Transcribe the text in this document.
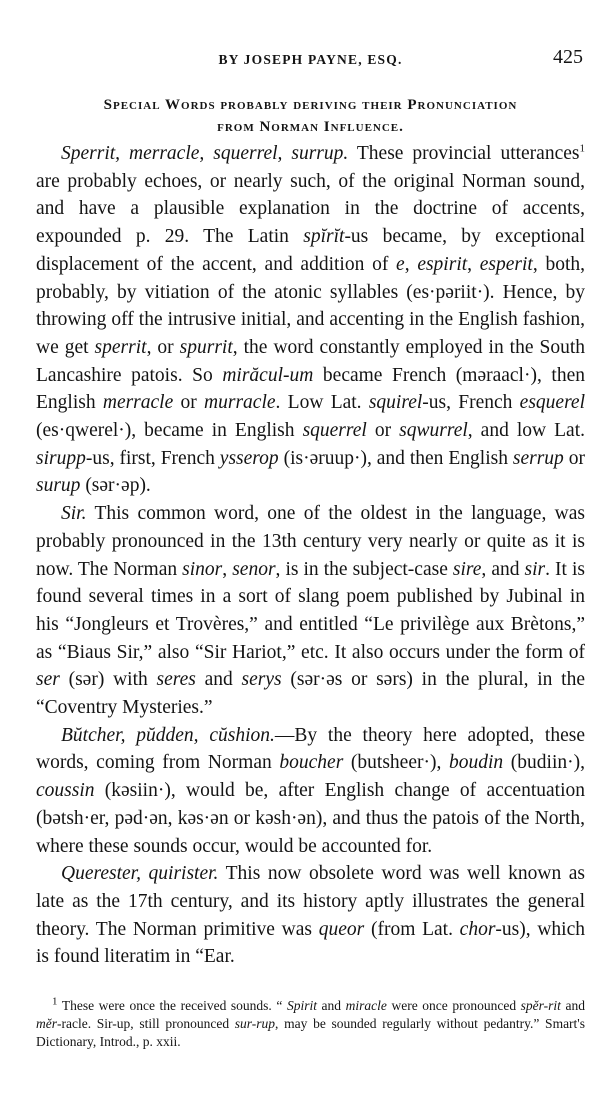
BY JOSEPH PAYNE, ESQ.	425
Special Words probably deriving their Pronunciation
from Norman Influence.

Sperrit, merracle, squerrel, surrup. These provincial utterances$^1$ are probably echoes, or nearly such, of the original Norman sound, and have a plausible explanation in the doctrine of accents, expounded p. 29. The Latin spĭrĭt-us became, by exceptional displacement of the accent, and addition of e, espirit, esperit, both, probably, by vitiation of the atonic syllables (es·pəriit·). Hence, by throwing off the intrusive initial, and accenting in the English fashion, we get sperrit, or spurrit, the word constantly employed in the South Lancashire patois. So mirăcul-um became French (məraacl·), then English merracle or murracle. Low Lat. squirel-us, French esquerel (es·qwerel·), became in English squerrel or sqwurrel, and low Lat. sirupp-us, first, French ysserop (is·əruup·), and then English serrup or surup (sər·əp).

Sir. This common word, one of the oldest in the language, was probably pronounced in the 13th century very nearly or quite as it is now. The Norman sinor, senor, is in the subject-case sire, and sir. It is found several times in a sort of slang poem published by Jubinal in his “Jongleurs et Trovères,” and entitled “Le privilège aux Brètons,” as “Biaus Sir,” also “Sir Hariot,” etc. It also occurs under the form of ser (sər) with seres and serys (sər·əs or sərs) in the plural, in the “Coventry Mysteries.”

Bŭtcher, pŭdden, cŭshion.—By the theory here adopted, these words, coming from Norman boucher (butsheer·), boudin (budiin·), coussin (kəsiin·), would be, after English change of accentuation (bətsh·er, pəd·ən, kəs·ən or kəsh·ən), and thus the patois of the North, where these sounds occur, would be accounted for.

Querester, quirister. This now obsolete word was well known as late as the 17th century, and its history aptly illustrates the general theory. The Norman primitive was queor (from Lat. chor-us), which is found literatim in “Ear.

$^1$ These were once the received sounds. “ Spirit and miracle were once pronounced spĕr-rit and mĕr-racle. Sir-up, still pronounced sur-rup, may be sounded regularly without pedantry.” Smart's Dictionary, Introd., p. xxii.
